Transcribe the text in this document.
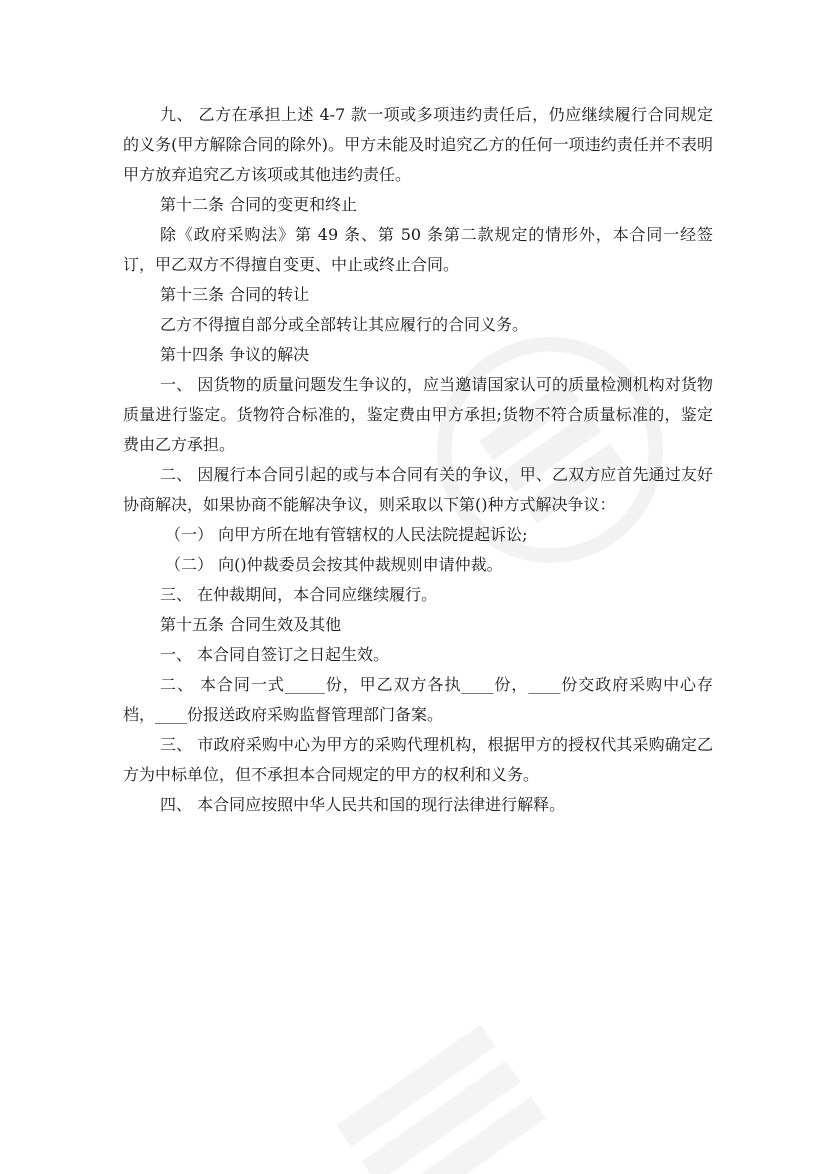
九、 乙方在承担上述 4-7 款一项或多项违约责任后，仍应继续履行合同规定的义务(甲方解除合同的除外)。甲方未能及时追究乙方的任何一项违约责任并不表明甲方放弃追究乙方该项或其他违约责任。

第十二条 合同的变更和终止

除《政府采购法》第 49 条、第 50 条第二款规定的情形外，本合同一经签订，甲乙双方不得擅自变更、中止或终止合同。

第十三条 合同的转让

乙方不得擅自部分或全部转让其应履行的合同义务。

第十四条 争议的解决

一、 因货物的质量问题发生争议的，应当邀请国家认可的质量检测机构对货物质量进行鉴定。货物符合标准的，鉴定费由甲方承担;货物不符合质量标准的，鉴定费由乙方承担。

二、 因履行本合同引起的或与本合同有关的争议，甲、乙双方应首先通过友好协商解决，如果协商不能解决争议，则采取以下第()种方式解决争议：

（一） 向甲方所在地有管辖权的人民法院提起诉讼;

（二） 向()仲裁委员会按其仲裁规则申请仲裁。

三、 在仲裁期间，本合同应继续履行。

第十五条 合同生效及其他

一、 本合同自签订之日起生效。

二、 本合同一式_____份，甲乙双方各执____份，____份交政府采购中心存档，____份报送政府采购监督管理部门备案。

三、 市政府采购中心为甲方的采购代理机构，根据甲方的授权代其采购确定乙方为中标单位，但不承担本合同规定的甲方的权利和义务。

四、 本合同应按照中华人民共和国的现行法律进行解释。
